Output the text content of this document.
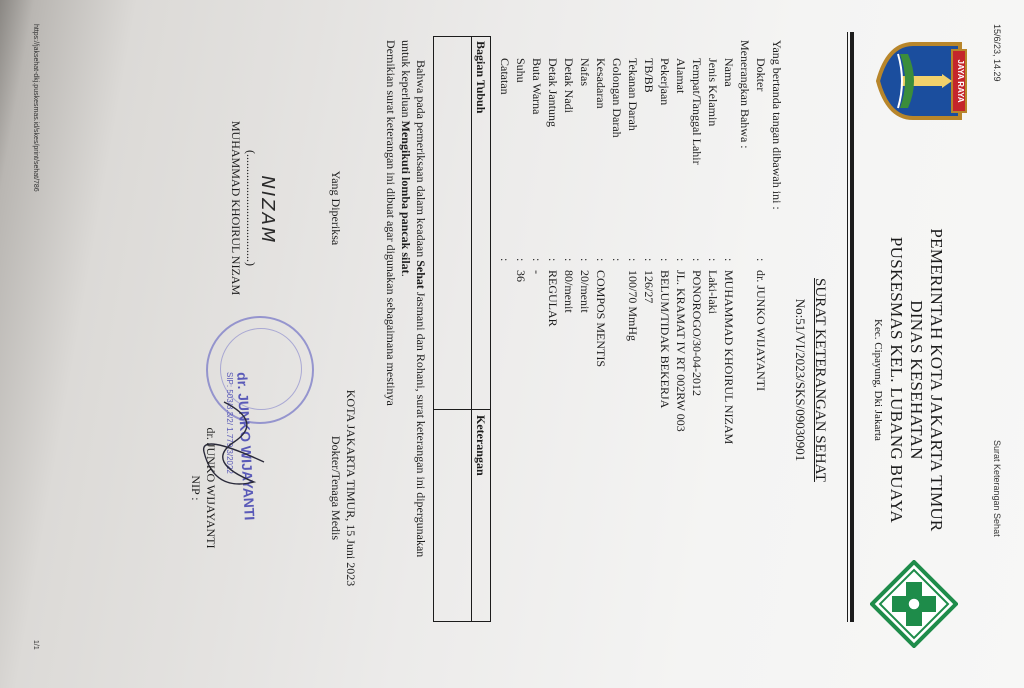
15/6/23, 14.29
Surat Keterangan Sehat
JAYA RAYA
PEMERINTAH KOTA JAKARTA TIMUR
DINAS KESEHATAN
PUSKESMAS KEL. LUBANG BUAYA
Kec. Cipayung, Dki Jakarta
SURAT KETERANGAN SEHAT
No:51/VI/2023/SKS/09030901
Yang bertanda tangan dibawah ini :
Dokter
:
dr. JUNKO WIJAYANTI
Menerangkan Bahwa :
Nama
:
MUHAMMAD KHOIRUL NIZAM
Jenis Kelamin
:
Laki-laki
Tempat/Tanggal Lahir
:
PONOROGO/30-04-2012
Alamat
:
JL. KRAMAT IV RT 002RW 003
Pekerjaan
:
BELUM/TIDAK BEKERJA
TB/BB
:
126/27
Tekanan Darah
:
100/70 MmHg
Golongan Darah
:
Kesadaran
:
COMPOS MENTIS
Nafas
:
20/menit
Detak Nadi
:
80/menit
Detak Jantung
:
REGULAR
Buta Warna
:
-
Suhu
:
36
Catatan
:
Bagian Tubuh
Keterangan
Bahwa pada pemeriksaan dalam keadaan Sehat Jasmani dan Rohani, surat keterangan ini dipergunakan
untuk keperluan Mengikuti lomba pancak silat.
Demikian surat keterangan ini dibuat agar digunakan sebagaimana mestinya
KOTA JAKARTA TIMUR, 15 Juni 2023
Dokter/Tenaga Medis
Yang Diperiksa
dr. JUNKO WIJAYANTI
SIP: 503/3.3/2/ 1.779.3/2022
dr. JUNKO WIJAYANTI
NIP :
NIZAM
(....................................)
MUHAMMAD KHOIRUL NIZAM
https://jaksehat-dkj.puskesmas.id/skes/print/sehat/786
1/1
